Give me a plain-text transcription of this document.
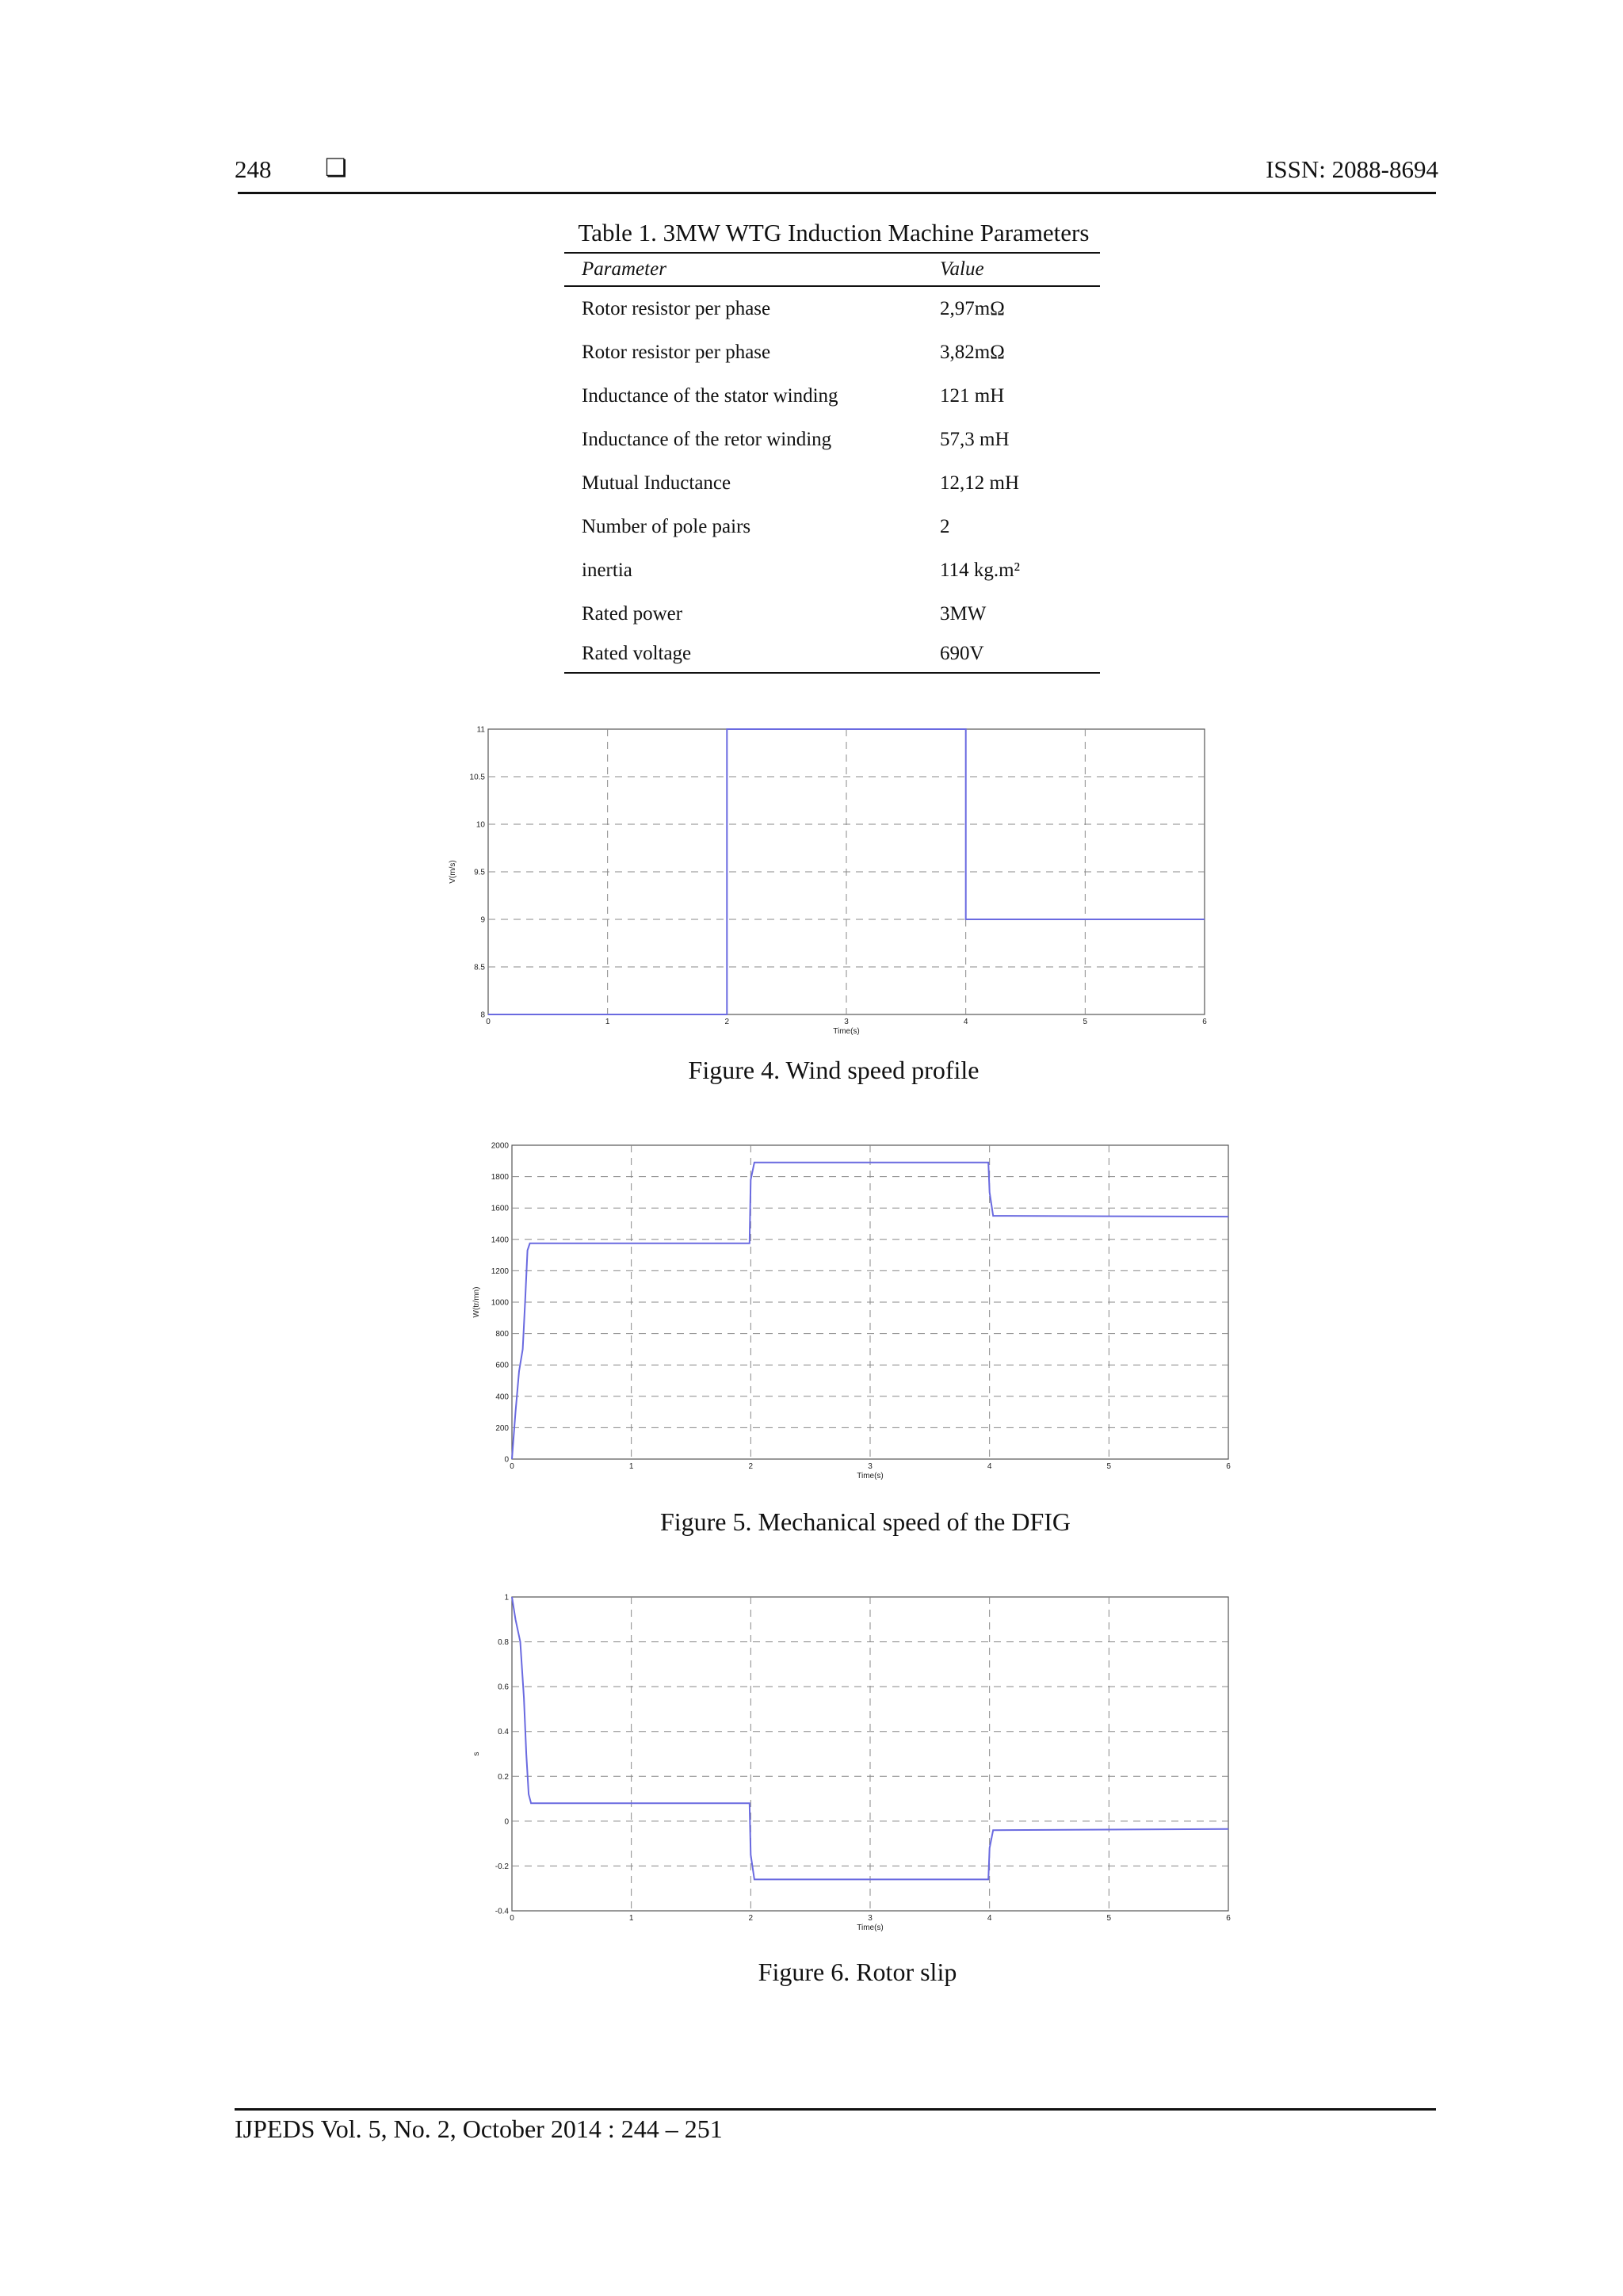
248 ❏	ISSN: 2088-8694
Table 1. 3MW WTG Induction Machine Parameters
Parameter	Value
Rotor resistor per phase	2,97mΩ
Rotor resistor per phase	3,82mΩ
Inductance of the stator winding	121 mH
Inductance of the retor winding	57,3 mH
Mutual Inductance	12,12 mH
Number of pole pairs	2
inertia	114 kg.m²
Rated power	3MW
Rated voltage	690V
0	1	2	3	4	5	6
8
8.5
9
9.5
10
10.5
11
Time(s)
V(m/s)
Figure 4. Wind speed profile
0	1	2	3	4	5	6
0
200
400
600
800
1000
1200
1400
1600
1800
2000
Time(s)
W(tr/mn)
Figure 5. Mechanical speed of the DFIG
0	1	2	3	4	5	6
-0.4
-0.2
0
0.2
0.4
0.6
0.8
1
Time(s)
s
Figure 6. Rotor slip
IJPEDS Vol. 5, No. 2, October 2014 : 244 – 251
